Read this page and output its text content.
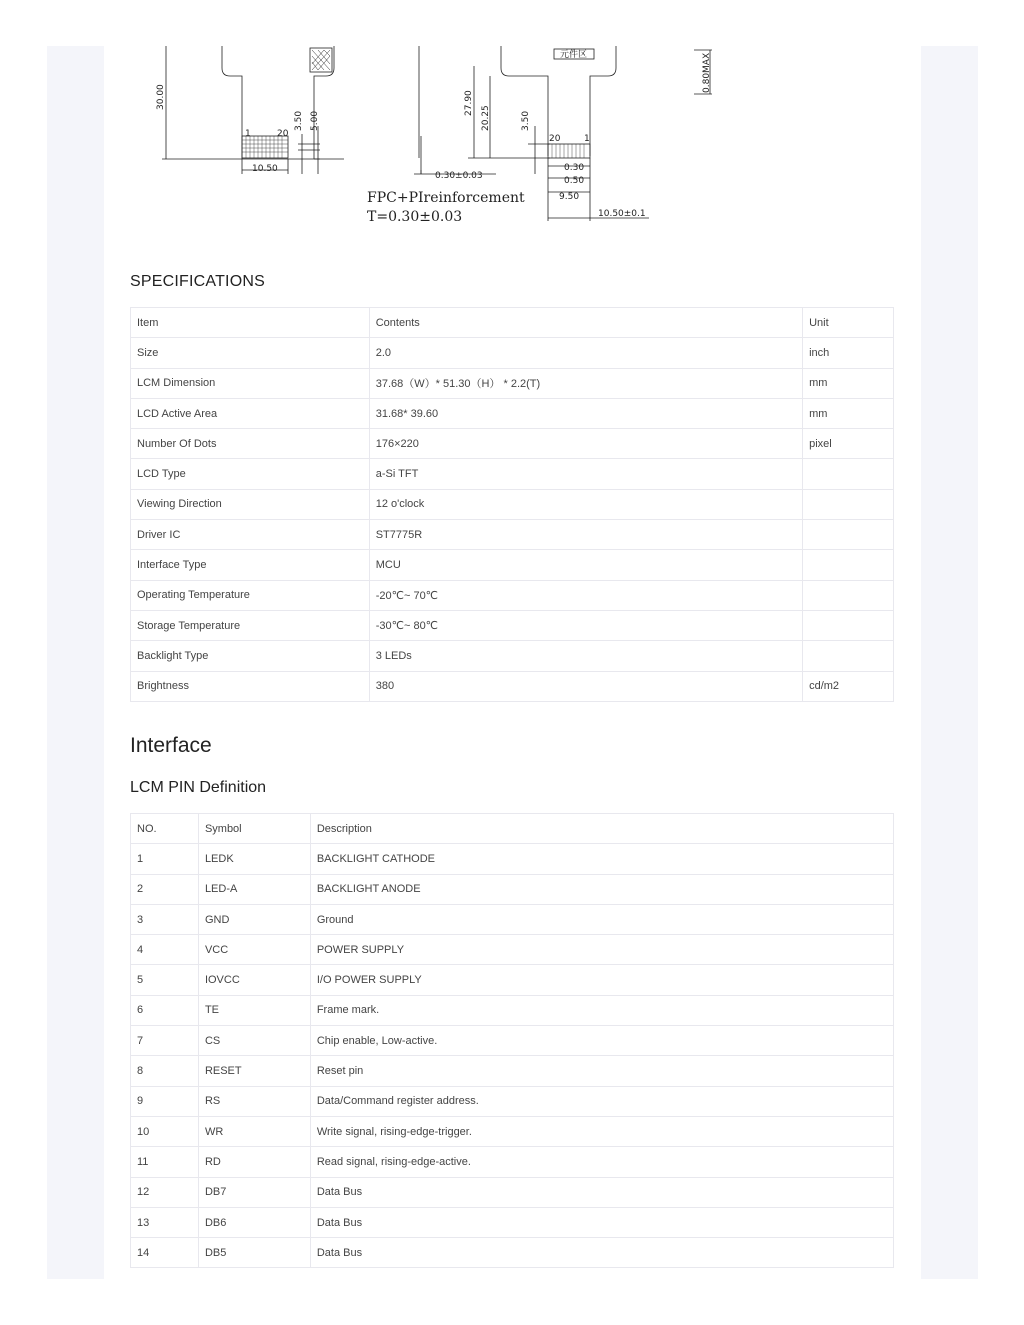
30.00
3.50 5.00
10.50
1	20
元件区
27.90
20.25	3.50
0.30±0.03
0.30
0.50
9.50
10.50±0.1
20	1
FPC+PIreinforcement
T=0.30±0.03
0.80MAX
SPECIFICATIONS
Item	Contents	Unit
Size	2.0	inch
LCM Dimension	37.68（W）* 51.30（H） * 2.2(T)	mm
LCD Active Area	31.68* 39.60	mm
Number Of Dots	176×220	pixel
LCD Type	a-Si TFT	
Viewing Direction	12 o'clock	
Driver IC	ST7775R	
Interface Type	MCU	
Operating Temperature	-20℃~ 70℃	
Storage Temperature	-30℃~ 80℃	
Backlight Type	3 LEDs	
Brightness	380	cd/m2
Interface
LCM PIN Definition
NO.	Symbol	Description
1	LEDK	BACKLIGHT CATHODE
2	LED-A	BACKLIGHT ANODE
3	GND	Ground
4	VCC	POWER SUPPLY
5	IOVCC	I/O POWER SUPPLY
6	TE	Frame mark.
7	CS	Chip enable, Low-active.
8	RESET	Reset pin
9	RS	Data/Command register address.
10	WR	Write signal, rising-edge-trigger.
11	RD	Read signal, rising-edge-active.
12	DB7	Data Bus
13	DB6	Data Bus
14	DB5	Data Bus
